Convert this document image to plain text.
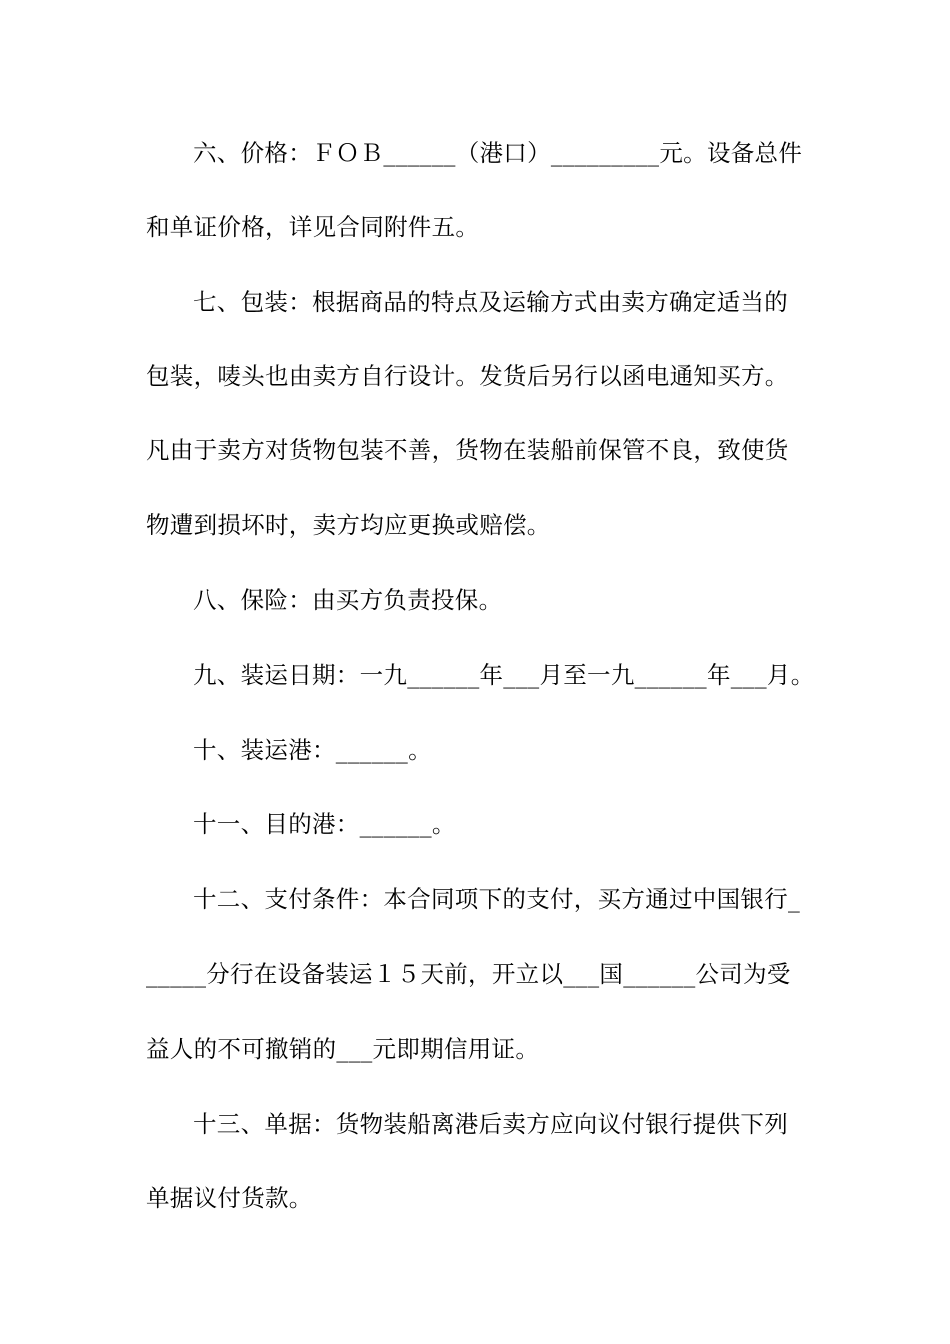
六、价格：ＦＯＢ______（港口）_________元。设备总件
和单证价格，详见合同附件五。
七、包装：根据商品的特点及运输方式由卖方确定适当的
包装，唛头也由卖方自行设计。发货后另行以函电通知买方。
凡由于卖方对货物包装不善，货物在装船前保管不良，致使货
物遭到损坏时，卖方均应更换或赔偿。
八、保险：由买方负责投保。
九、装运日期：一九______年___月至一九______年___月。
十、装运港：______。
十一、目的港：______。
十二、支付条件：本合同项下的支付，买方通过中国银行_
_____分行在设备装运１５天前，开立以___国______公司为受
益人的不可撤销的___元即期信用证。
十三、单据：货物装船离港后卖方应向议付银行提供下列
单据议付货款。
